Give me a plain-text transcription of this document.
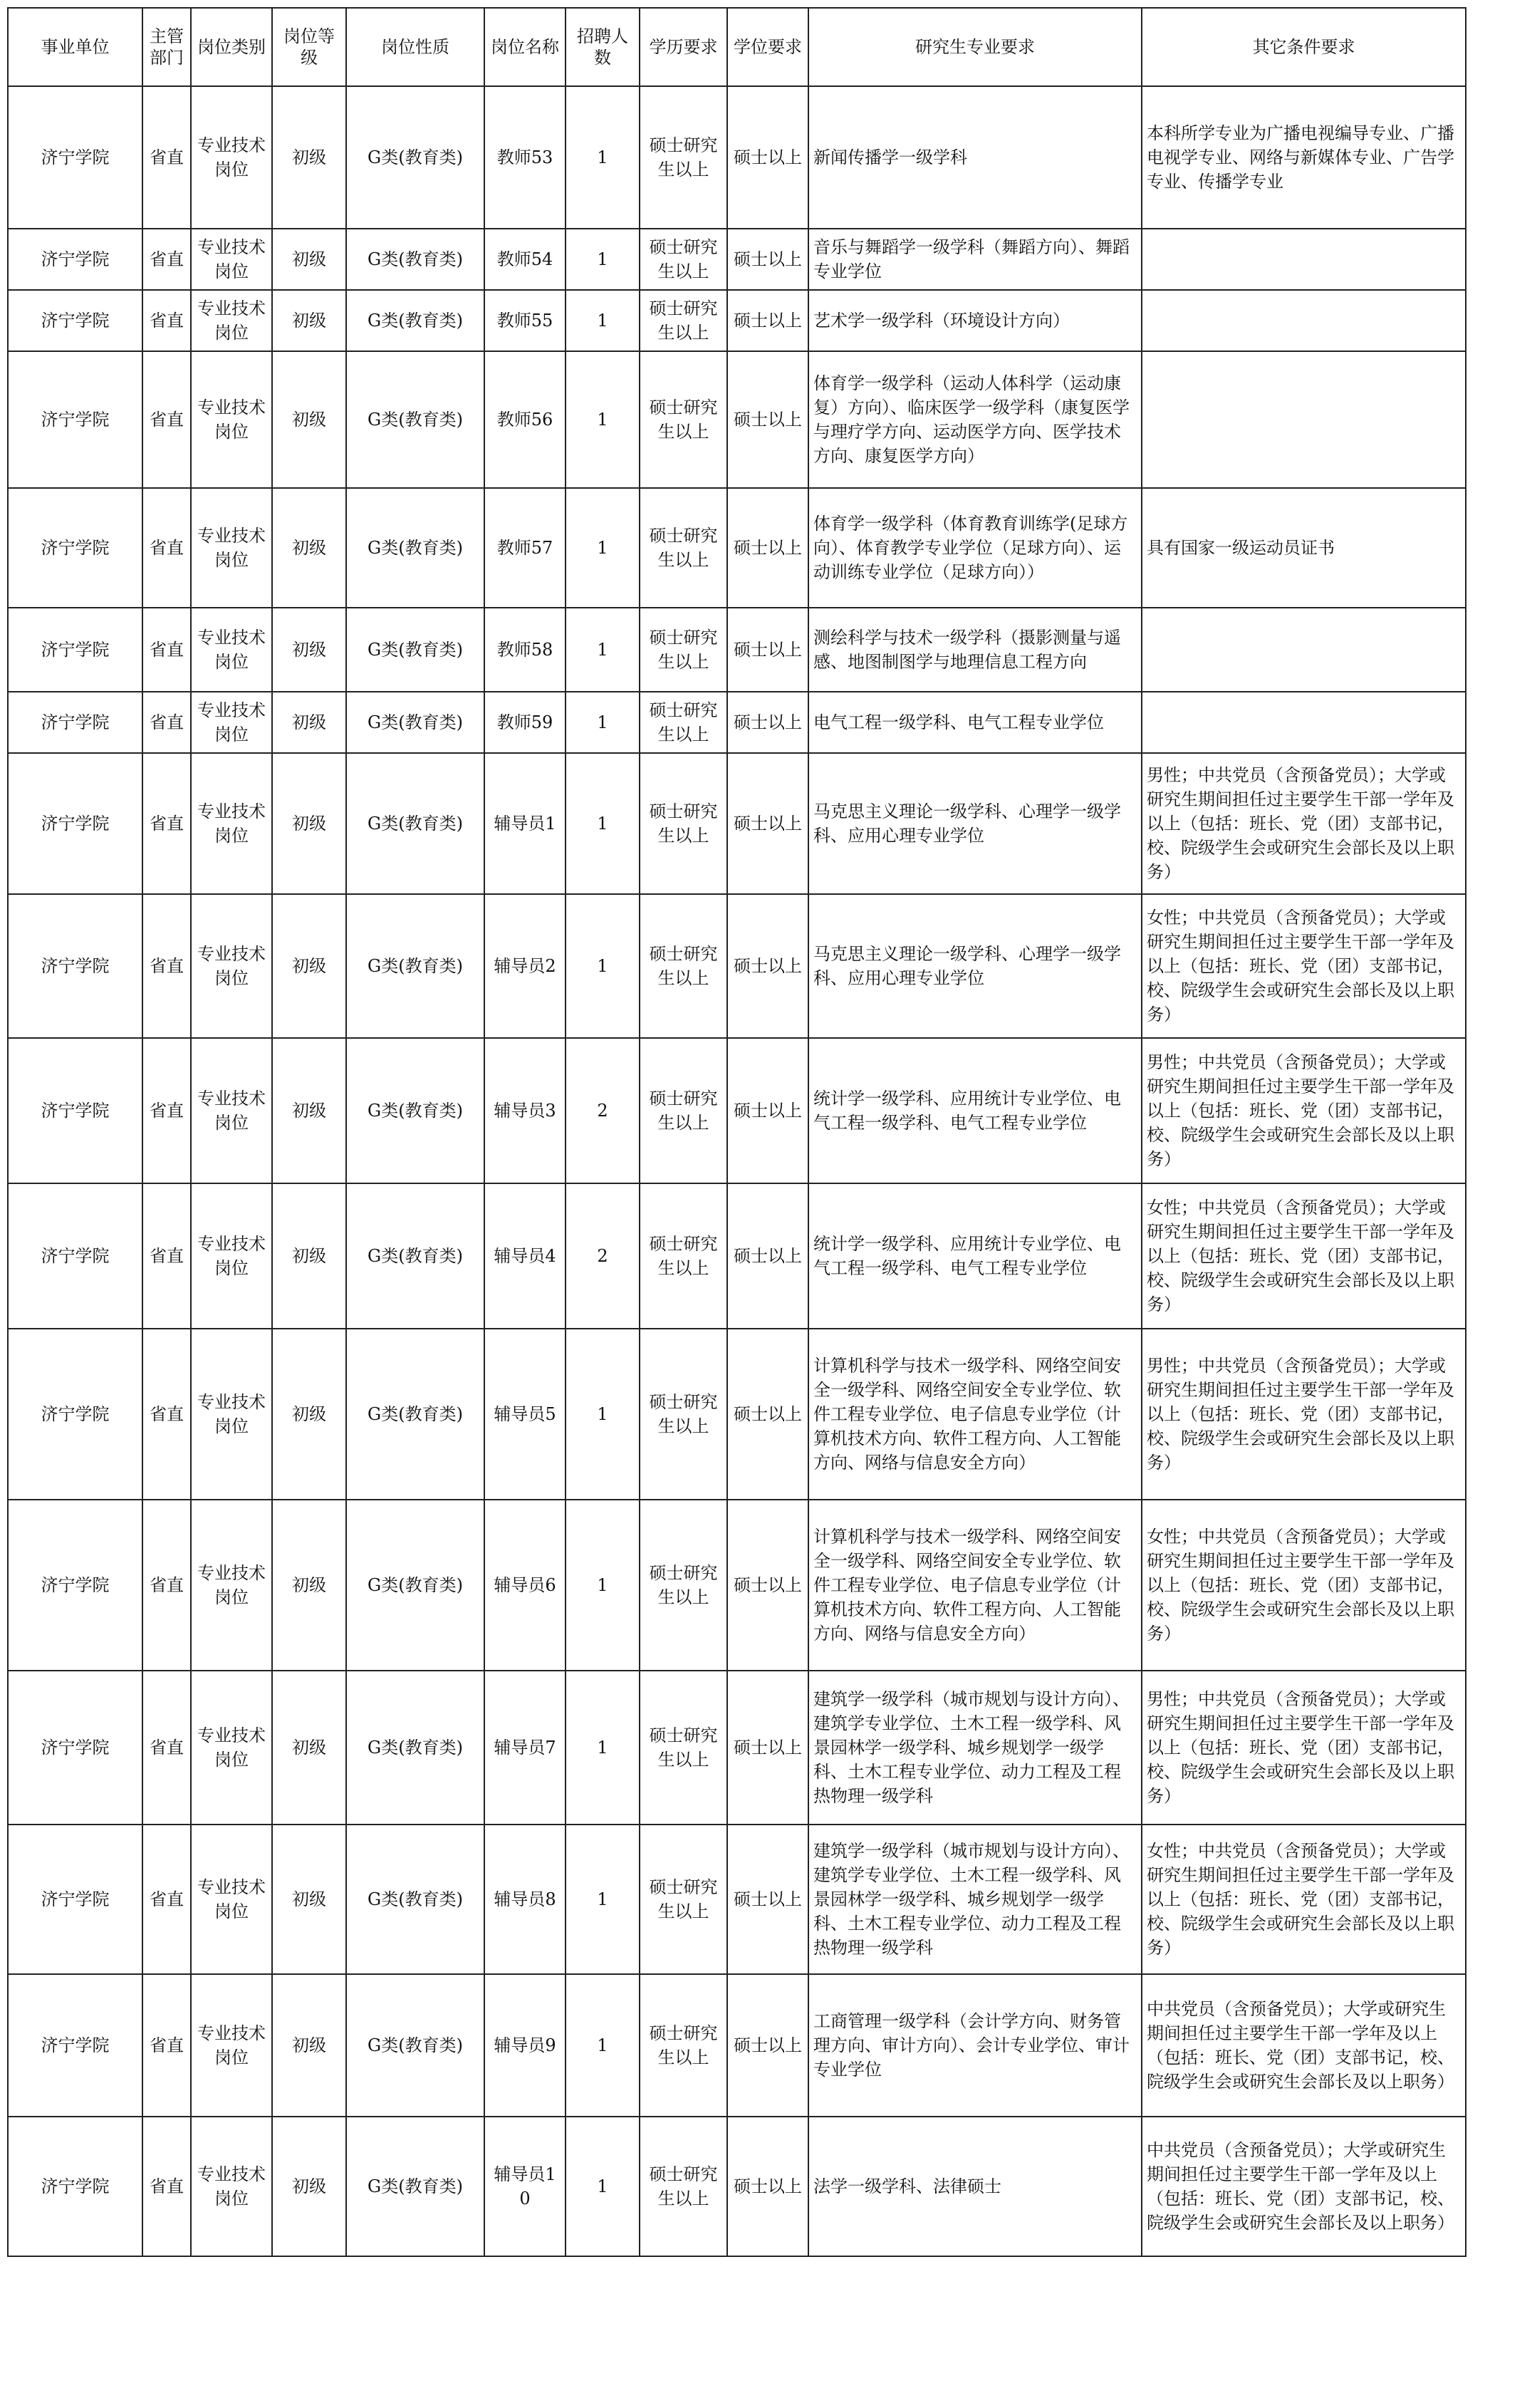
事业单位	主管部门	岗位类别	岗位等级	岗位性质	岗位名称	招聘人数	学历要求	学位要求	研究生专业要求	其它条件要求
济宁学院	省直	专业技术岗位	初级	G类(教育类)	教师53	1	硕士研究生以上	硕士以上	新闻传播学一级学科	本科所学专业为广播电视编导专业、广播电视学专业、网络与新媒体专业、广告学专业、传播学专业
济宁学院	省直	专业技术岗位	初级	G类(教育类)	教师54	1	硕士研究生以上	硕士以上	音乐与舞蹈学一级学科（舞蹈方向）、舞蹈专业学位	
济宁学院	省直	专业技术岗位	初级	G类(教育类)	教师55	1	硕士研究生以上	硕士以上	艺术学一级学科（环境设计方向）	
济宁学院	省直	专业技术岗位	初级	G类(教育类)	教师56	1	硕士研究生以上	硕士以上	体育学一级学科（运动人体科学（运动康复）方向）、临床医学一级学科（康复医学与理疗学方向、运动医学方向、医学技术方向、康复医学方向）	
济宁学院	省直	专业技术岗位	初级	G类(教育类)	教师57	1	硕士研究生以上	硕士以上	体育学一级学科（体育教育训练学(足球方向）、体育教学专业学位（足球方向）、运动训练专业学位（足球方向））	具有国家一级运动员证书
济宁学院	省直	专业技术岗位	初级	G类(教育类)	教师58	1	硕士研究生以上	硕士以上	测绘科学与技术一级学科（摄影测量与遥感、地图制图学与地理信息工程方向	
济宁学院	省直	专业技术岗位	初级	G类(教育类)	教师59	1	硕士研究生以上	硕士以上	电气工程一级学科、电气工程专业学位	
济宁学院	省直	专业技术岗位	初级	G类(教育类)	辅导员1	1	硕士研究生以上	硕士以上	马克思主义理论一级学科、心理学一级学科、应用心理专业学位	男性；中共党员（含预备党员）；大学或研究生期间担任过主要学生干部一学年及以上（包括：班长、党（团）支部书记，校、院级学生会或研究生会部长及以上职务）
济宁学院	省直	专业技术岗位	初级	G类(教育类)	辅导员2	1	硕士研究生以上	硕士以上	马克思主义理论一级学科、心理学一级学科、应用心理专业学位	女性；中共党员（含预备党员）；大学或研究生期间担任过主要学生干部一学年及以上（包括：班长、党（团）支部书记，校、院级学生会或研究生会部长及以上职务）
济宁学院	省直	专业技术岗位	初级	G类(教育类)	辅导员3	2	硕士研究生以上	硕士以上	统计学一级学科、应用统计专业学位、电气工程一级学科、电气工程专业学位	男性；中共党员（含预备党员）；大学或研究生期间担任过主要学生干部一学年及以上（包括：班长、党（团）支部书记，校、院级学生会或研究生会部长及以上职务）
济宁学院	省直	专业技术岗位	初级	G类(教育类)	辅导员4	2	硕士研究生以上	硕士以上	统计学一级学科、应用统计专业学位、电气工程一级学科、电气工程专业学位	女性；中共党员（含预备党员）；大学或研究生期间担任过主要学生干部一学年及以上（包括：班长、党（团）支部书记，校、院级学生会或研究生会部长及以上职务）
济宁学院	省直	专业技术岗位	初级	G类(教育类)	辅导员5	1	硕士研究生以上	硕士以上	计算机科学与技术一级学科、网络空间安全一级学科、网络空间安全专业学位、软件工程专业学位、电子信息专业学位（计算机技术方向、软件工程方向、人工智能方向、网络与信息安全方向）	男性；中共党员（含预备党员）；大学或研究生期间担任过主要学生干部一学年及以上（包括：班长、党（团）支部书记，校、院级学生会或研究生会部长及以上职务）
济宁学院	省直	专业技术岗位	初级	G类(教育类)	辅导员6	1	硕士研究生以上	硕士以上	计算机科学与技术一级学科、网络空间安全一级学科、网络空间安全专业学位、软件工程专业学位、电子信息专业学位（计算机技术方向、软件工程方向、人工智能方向、网络与信息安全方向）	女性；中共党员（含预备党员）；大学或研究生期间担任过主要学生干部一学年及以上（包括：班长、党（团）支部书记，校、院级学生会或研究生会部长及以上职务）
济宁学院	省直	专业技术岗位	初级	G类(教育类)	辅导员7	1	硕士研究生以上	硕士以上	建筑学一级学科（城市规划与设计方向）、建筑学专业学位、土木工程一级学科、风景园林学一级学科、城乡规划学一级学科、土木工程专业学位、动力工程及工程热物理一级学科	男性；中共党员（含预备党员）；大学或研究生期间担任过主要学生干部一学年及以上（包括：班长、党（团）支部书记，校、院级学生会或研究生会部长及以上职务）
济宁学院	省直	专业技术岗位	初级	G类(教育类)	辅导员8	1	硕士研究生以上	硕士以上	建筑学一级学科（城市规划与设计方向）、建筑学专业学位、土木工程一级学科、风景园林学一级学科、城乡规划学一级学科、土木工程专业学位、动力工程及工程热物理一级学科	女性；中共党员（含预备党员）；大学或研究生期间担任过主要学生干部一学年及以上（包括：班长、党（团）支部书记，校、院级学生会或研究生会部长及以上职务）
济宁学院	省直	专业技术岗位	初级	G类(教育类)	辅导员9	1	硕士研究生以上	硕士以上	工商管理一级学科（会计学方向、财务管理方向、审计方向）、会计专业学位、审计专业学位	中共党员（含预备党员）；大学或研究生期间担任过主要学生干部一学年及以上（包括：班长、党（团）支部书记，校、院级学生会或研究生会部长及以上职务）
济宁学院	省直	专业技术岗位	初级	G类(教育类)	辅导员10	1	硕士研究生以上	硕士以上	法学一级学科、法律硕士	中共党员（含预备党员）；大学或研究生期间担任过主要学生干部一学年及以上（包括：班长、党（团）支部书记，校、院级学生会或研究生会部长及以上职务）
